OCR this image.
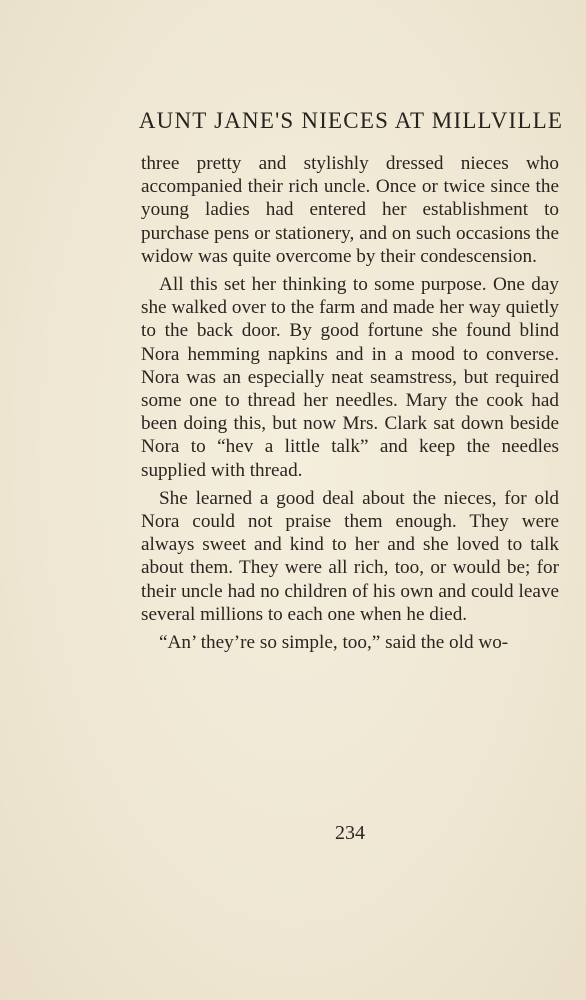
AUNT JANE'S NIECES AT MILLVILLE

three pretty and stylishly dressed nieces who accompanied their rich uncle. Once or twice since the young ladies had entered her establishment to purchase pens or stationery, and on such occasions the widow was quite overcome by their condescension.

All this set her thinking to some purpose. One day she walked over to the farm and made her way quietly to the back door. By good fortune she found blind Nora hemming napkins and in a mood to converse. Nora was an especially neat seamstress, but required some one to thread her needles. Mary the cook had been doing this, but now Mrs. Clark sat down beside Nora to “hev a little talk” and keep the needles supplied with thread.

She learned a good deal about the nieces, for old Nora could not praise them enough. They were always sweet and kind to her and she loved to talk about them. They were all rich, too, or would be; for their uncle had no children of his own and could leave several millions to each one when he died.

“An’ they’re so simple, too,” said the old wo-

234
